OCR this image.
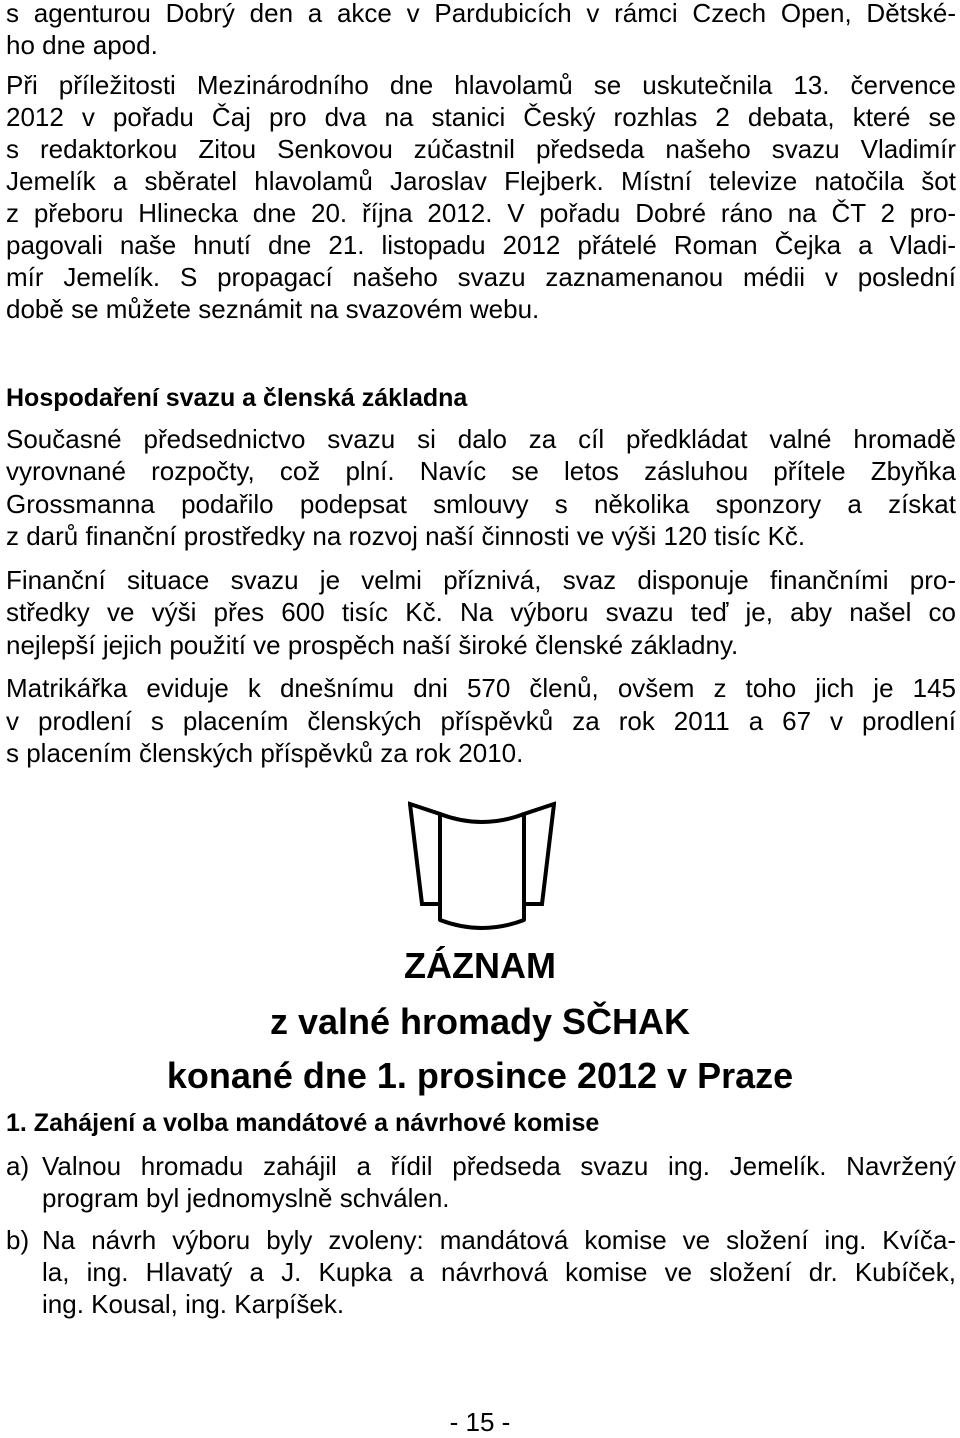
s agenturou Dobrý den a akce v Pardubicích v rámci Czech Open, Dětské-
ho dne apod.
Při příležitosti Mezinárodního dne hlavolamů se uskutečnila 13. července
2012 v pořadu Čaj pro dva na stanici Český rozhlas 2 debata, které se
s redaktorkou Zitou Senkovou zúčastnil předseda našeho svazu Vladimír
Jemelík a sběratel hlavolamů Jaroslav Flejberk. Místní televize natočila šot
z přeboru Hlinecka dne 20. října 2012. V pořadu Dobré ráno na ČT 2 pro-
pagovali naše hnutí dne 21. listopadu 2012 přátelé Roman Čejka a Vladi-
mír Jemelík. S propagací našeho svazu zaznamenanou médii v poslední
době se můžete seznámit na svazovém webu.
Hospodaření svazu a členská základna
Současné předsednictvo svazu si dalo za cíl předkládat valné hromadě
vyrovnané rozpočty, což plní. Navíc se letos zásluhou přítele Zbyňka
Grossmanna podařilo podepsat smlouvy s několika sponzory a získat
z darů finanční prostředky na rozvoj naší činnosti ve výši 120 tisíc Kč.
Finanční situace svazu je velmi příznivá, svaz disponuje finančními pro-
středky ve výši přes 600 tisíc Kč. Na výboru svazu teď je, aby našel co
nejlepší jejich použití ve prospěch naší široké členské základny.
Matrikářka eviduje k dnešnímu dni 570 členů, ovšem z toho jich je 145
v prodlení s placením členských příspěvků za rok 2011 a 67 v prodlení
s placením členských příspěvků za rok 2010.
ZÁZNAM
z valné hromady SČHAK
konané dne 1. prosince 2012 v Praze
1. Zahájení a volba mandátové a návrhové komise
a) Valnou hromadu zahájil a řídil předseda svazu ing. Jemelík. Navržený
program byl jednomyslně schválen.
b) Na návrh výboru byly zvoleny: mandátová komise ve složení ing. Kvíča-
la, ing. Hlavatý a J. Kupka a návrhová komise ve složení dr. Kubíček,
ing. Kousal, ing. Karpíšek.
- 15 -
